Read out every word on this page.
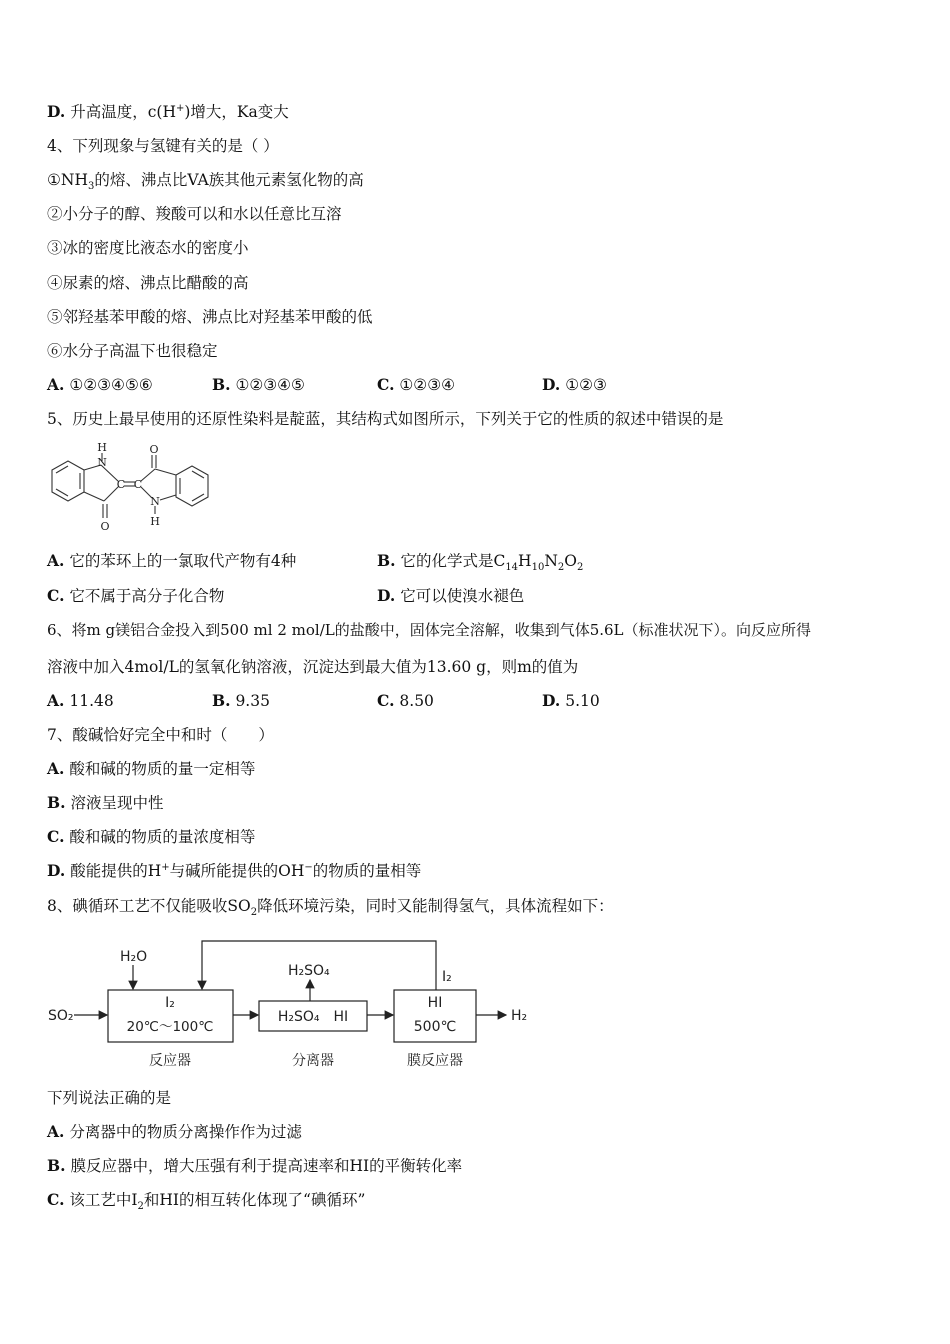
D. 升高温度，c(H+)增大，Ka变大
4、下列现象与氢键有关的是（ ）
$①NH_3$的熔、沸点比VA族其他元素氢化物的高
②小分子的醇、羧酸可以和水以任意比互溶
③冰的密度比液态水的密度小
④尿素的熔、沸点比醋酸的高
⑤邻羟基苯甲酸的熔、沸点比对羟基苯甲酸的低
⑥水分子高温下也很稳定
A. ①②③④⑤⑥	B. ①②③④⑤	C. ①②③④	D. ①②③
5、历史上最早使用的还原性染料是靛蓝，其结构式如图所示，下列关于它的性质的叙述中错误的是
H
N
O
C C
O
N
H
A. 它的苯环上的一氯取代产物有4种	B. 它的化学式是$C_{14}H_{10}N_2O_2$
C. 它不属于高分子化合物	D. 它可以使溴水褪色
6、将m g镁铝合金投入到500 ml 2 mol/L的盐酸中，固体完全溶解，收集到气体5.6L（标准状况下）。向反应所得
溶液中加入4mol/L的氢氧化钠溶液，沉淀达到最大值为13.60 g，则m的值为
A. 11.48	B. 9.35	C. 8.50	D. 5.10
7、酸碱恰好完全中和时（　　）
A. 酸和碱的物质的量一定相等
B. 溶液呈现中性
C. 酸和碱的物质的量浓度相等
D. 酸能提供的H+与碱所能提供的OH−的物质的量相等
8、碘循环工艺不仅能吸收$SO_2$降低环境污染，同时又能制得氢气，具体流程如下：
H₂O
SO₂
H₂SO₄	I₂
I₂
20℃～100℃
H₂SO₄　HI
HI
500℃
H₂
反应器	分离器	膜反应器
下列说法正确的是
A. 分离器中的物质分离操作作为过滤
B. 膜反应器中，增大压强有利于提高速率和HI的平衡转化率
C. 该工艺中$I_2$和HI的相互转化体现了“碘循环”
